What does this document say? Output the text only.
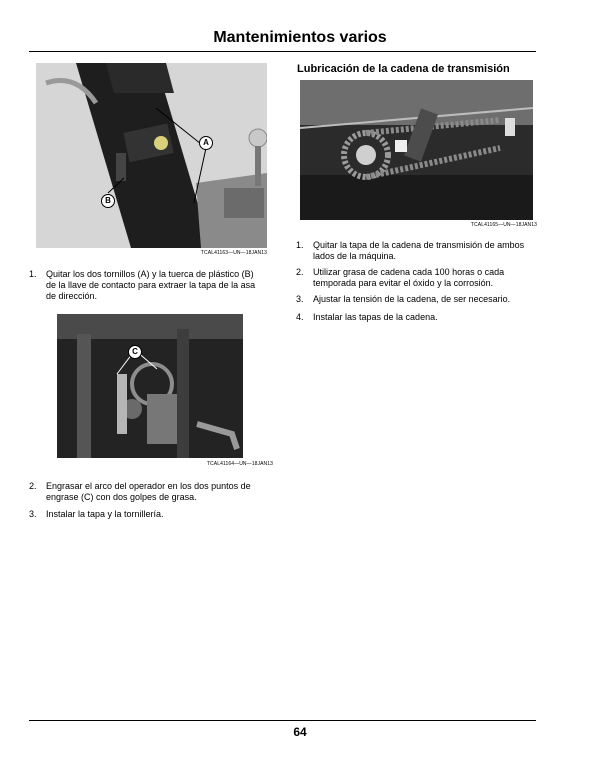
Mantenimientos varios
A
B
TCAL41163—UN—18JAN13
1. Quitar los dos tornillos (A) y la tuerca de plástico (B)
de la llave de contacto para extraer la tapa de la asa
de dirección.
C
TCAL41164—UN—18JAN13
2. Engrasar el arco del operador en los dos puntos de
engrase (C) con dos golpes de grasa.
3. Instalar la tapa y la tornillería.
Lubricación de la cadena de transmisión
TCAL41165—UN—18JAN13
1. Quitar la tapa de la cadena de transmisión de ambos
lados de la máquina.
2. Utilizar grasa de cadena cada 100 horas o cada
temporada para evitar el óxido y la corrosión.
3. Ajustar la tensión de la cadena, de ser necesario.
4. Instalar las tapas de la cadena.
64
